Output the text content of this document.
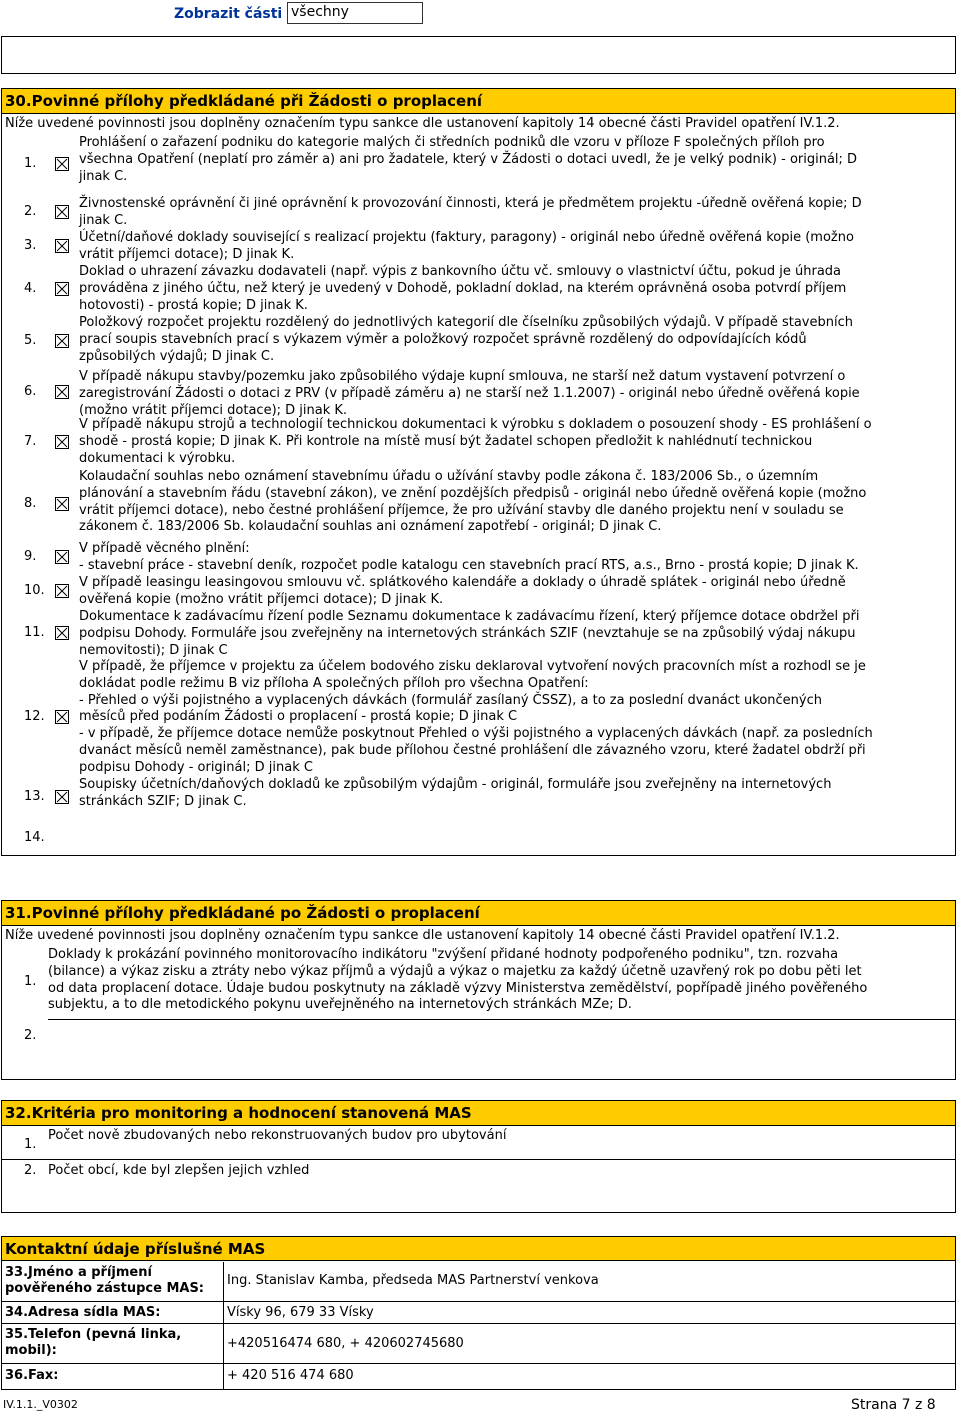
Zobrazit části všechny
30.Povinné přílohy předkládané při Žádosti o proplacení
Níže uvedené povinnosti jsou doplněny označením typu sankce dle ustanovení kapitoly 14 obecné části Pravidel opatření IV.1.2.
1.
Prohlášení o zařazení podniku do kategorie malých či středních podniků dle vzoru v příloze F společných příloh pro
všechna Opatření (neplatí pro záměr a) ani pro žadatele, který v Žádosti o dotaci uvedl, že je velký podnik) - originál; D
jinak C.
2.
Živnostenské oprávnění či jiné oprávnění k provozování činnosti, která je předmětem projektu -úředně ověřená kopie; D
jinak C.
3.
Účetní/daňové doklady související s realizací projektu (faktury, paragony) - originál nebo úředně ověřená kopie (možno
vrátit příjemci dotace); D jinak K.
4.
Doklad o uhrazení závazku dodavateli (např. výpis z bankovního účtu vč. smlouvy o vlastnictví účtu, pokud je úhrada
prováděna z jiného účtu, než který je uvedený v Dohodě, pokladní doklad, na kterém oprávněná osoba potvrdí příjem
hotovosti) - prostá kopie; D jinak K.
5.
Položkový rozpočet projektu rozdělený do jednotlivých kategorií dle číselníku způsobilých výdajů. V případě stavebních
prací soupis stavebních prací s výkazem výměr a položkový rozpočet správně rozdělený do odpovídajících kódů
způsobilých výdajů; D jinak C.
6.
V případě nákupu stavby/pozemku jako způsobilého výdaje kupní smlouva, ne starší než datum vystavení potvrzení o
zaregistrování Žádosti o dotaci z PRV (v případě záměru a) ne starší než 1.1.2007) - originál nebo úředně ověřená kopie
(možno vrátit příjemci dotace); D jinak K.
7.
V případě nákupu strojů a technologií technickou dokumentaci k výrobku s dokladem o posouzení shody - ES prohlášení o
shodě - prostá kopie; D jinak K. Při kontrole na místě musí být žadatel schopen předložit k nahlédnutí technickou
dokumentaci k výrobku.
8.
Kolaudační souhlas nebo oznámení stavebnímu úřadu o užívání stavby podle zákona č. 183/2006 Sb., o územním
plánování a stavebním řádu (stavební zákon), ve znění pozdějších předpisů - originál nebo úředně ověřená kopie (možno
vrátit příjemci dotace), nebo čestné prohlášení příjemce, že pro užívání stavby dle daného projektu není v souladu se
zákonem č. 183/2006 Sb. kolaudační souhlas ani oznámení zapotřebí - originál; D jinak C.
9.
V případě věcného plnění:
- stavební práce - stavební deník, rozpočet podle katalogu cen stavebních prací RTS, a.s., Brno - prostá kopie; D jinak K.
10.
V případě leasingu leasingovou smlouvu vč. splátkového kalendáře a doklady o úhradě splátek - originál nebo úředně
ověřená kopie (možno vrátit příjemci dotace); D jinak K.
11.
Dokumentace k zadávacímu řízení podle Seznamu dokumentace k zadávacímu řízení, který příjemce dotace obdržel při
podpisu Dohody. Formuláře jsou zveřejněny na internetových stránkách SZIF (nevztahuje se na způsobilý výdaj nákupu
nemovitosti); D jinak C
12.
V případě, že příjemce v projektu za účelem bodového zisku deklaroval vytvoření nových pracovních míst a rozhodl se je
dokládat podle režimu B viz příloha A společných příloh pro všechna Opatření:
- Přehled o výši pojistného a vyplacených dávkách (formulář zasílaný ČSSZ), a to za poslední dvanáct ukončených
měsíců před podáním Žádosti o proplacení - prostá kopie; D jinak C
- v případě, že příjemce dotace nemůže poskytnout Přehled o výši pojistného a vyplacených dávkách (např. za posledních
dvanáct měsíců neměl zaměstnance), pak bude přílohou čestné prohlášení dle závazného vzoru, které žadatel obdrží při
podpisu Dohody - originál; D jinak C
13.
Soupisky účetních/daňových dokladů ke způsobilým výdajům - originál, formuláře jsou zveřejněny na internetových
stránkách SZIF; D jinak C.
14.
31.Povinné přílohy předkládané po Žádosti o proplacení
Níže uvedené povinnosti jsou doplněny označením typu sankce dle ustanovení kapitoly 14 obecné části Pravidel opatření IV.1.2.
1.
Doklady k prokázání povinného monitorovacího indikátoru "zvýšení přidané hodnoty podpořeného podniku", tzn. rozvaha
(bilance) a výkaz zisku a ztráty nebo výkaz příjmů a výdajů a výkaz o majetku za každý účetně uzavřený rok po dobu pěti let
od data proplacení dotace. Údaje budou poskytnuty na základě výzvy Ministerstva zemědělství, popřípadě jiného pověřeného
subjektu, a to dle metodického pokynu uveřejněného na internetových stránkách MZe; D.
2.
32.Kritéria pro monitoring a hodnocení stanovená MAS
1.
Počet nově zbudovaných nebo rekonstruovaných budov pro ubytování
2. Počet obcí, kde byl zlepšen jejich vzhled
Kontaktní údaje příslušné MAS
33.Jméno a příjmení
pověřeného zástupce MAS:
Ing. Stanislav Kamba, předseda MAS Partnerství venkova
34.Adresa sídla MAS:	Vísky 96, 679 33 Vísky
35.Telefon (pevná linka,
mobil):	+420516474 680, + 420602745680
36.Fax:	+ 420 516 474 680
IV.1.1._V0302	Strana 7 z 8
